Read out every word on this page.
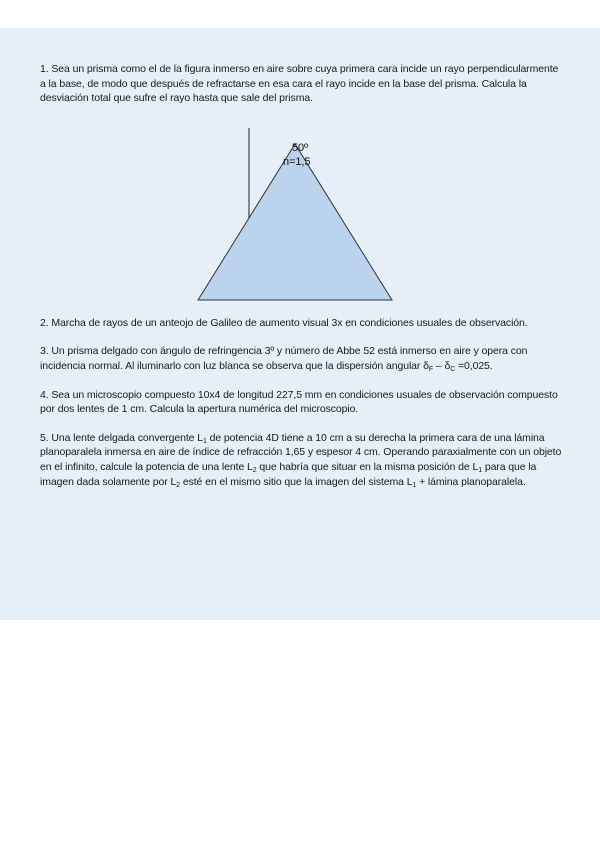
1. Sea un prisma como el de la figura inmerso en aire sobre cuya primera cara incide un rayo perpendicularmente a la base, de modo que después de refractarse en esa cara el rayo incide en la base del prisma. Calcula la desviación total que sufre el rayo hasta que sale del prisma.

50º
n=1,5

2. Marcha de rayos de un anteojo de Galileo de aumento visual 3x en condiciones usuales de observación.

3. Un prisma delgado con ángulo de refringencia 3º y número de Abbe 52 está inmerso en aire y opera con incidencia normal. Al iluminarlo con luz blanca se observa que la dispersión angular $\delta_F - \delta_C =0,025$.

4. Sea un microscopio compuesto 10x4 de longitud 227,5 mm en condiciones usuales de observación compuesto por dos lentes de 1 cm. Calcula la apertura numérica del microscopio.

5. Una lente delgada convergente $L_1$ de potencia 4D tiene a 10 cm a su derecha la primera cara de una lámina planoparalela inmersa en aire de índice de refracción 1,65 y espesor 4 cm. Operando paraxialmente con un objeto en el infinito, calcule la potencia de una lente $L_2$ que habría que situar en la misma posición de $L_1$ para que la imagen dada solamente por $L_2$ esté en el mismo sitio que la imagen del sistema $L_1$ + lámina planoparalela.
